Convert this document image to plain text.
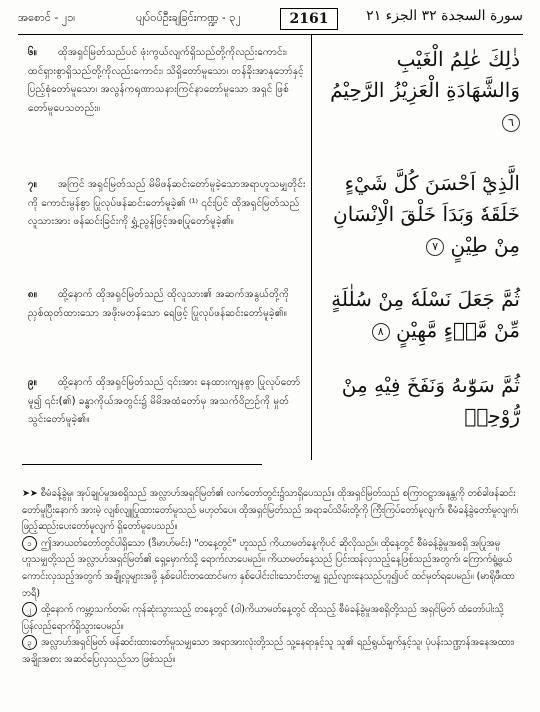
အစောင် - ၂၁၊	ပျပ်ဝပ်ဦးချခြင်းကဏ္ဍ - ၃၂	2161	سورة السجدة ٣٢ الجزء ٢١
၆။ ထိုအရှင်မြတ်သည်ပင် ဖုံးကွယ်လျက်ရှိသည်တို့ကိုလည်းကောင်း၊ ထင်ရှားစွာရှိသည်တို့ကိုလည်းကောင်း၊ သိရှိတော်မူသော၊ တန်ခိုးအာနုဘော်နှင့် ပြည့်စုံတော်မူသော၊ အလွန်ကရုဏာသနားကြင်နာတော်မူသော အရှင် ဖြစ်တော်မူပေသတည်း။
၇။ အကြင် အရှင်မြတ်သည် မိမိဖန်ဆင်းတော်မူခဲ့သောအရာဟူသမျှတိုင်းကို ကောင်းမွန်စွာ ပြုလုပ်ဖန်ဆင်းတော်မူခဲ့၏ ⁽¹⁾ ၎င်းပြင် ထိုအရှင်မြတ်သည် လူသားအား ဖန်ဆင်းခြင်းကို ရွှံ့ညွန်ဖြင့်အစပြုတော်မူခဲ့၏။
၈။ ထို့နောက် ထိုအရှင်မြတ်သည် ထိုလူသား၏ အဆက်အနွယ်တို့ကို ညှစ်ထုတ်ထားသော အဖိုးမတန်သော ရေဖြင့် ပြုလုပ်ဖန်ဆင်းတော်မူခဲ့၏။
၉။ ထို့နောက် ထိုအရှင်မြတ်သည် ၎င်းအား နေထားကျနစွာ ပြုလုပ်တော်မူ၍ ၎င်း(၏) ခန္ဓာကိုယ်အတွင်း၌ မိမိအထံတော်မှ အသက်ဝိဉာဉ်ကို မှုတ်သွင်းတော်မူခဲ့၏။
ذٰلِكَ عٰلِمُ الْغَيْبِ وَالشَّهَادَةِ الْعَزِيْزُ الرَّحِيْمُ ٦
الَّذِيْٓ اَحْسَنَ كُلَّ شَيْءٍ خَلَقَهٗ وَبَدَاَ خَلْقَ الْاِنْسَانِ مِنْ طِيْنٍ ٧
ثُمَّ جَعَلَ نَسْلَهٗ مِنْ سُلٰلَةٍ مِّنْ مَّاۤءٍ مَّهِيْنٍ ٨
ثُمَّ سَوّٰىهُ وَنَفَخَ فِيْهِ مِنْ رُّوْحِهٖ

➤➤ စီမံခန့်ခွဲမှု၊ အုပ်ချုပ်မှုအစရှိသည် အလ္လာဟ်အရှင်မြတ်၏ လက်တော်တွင်း၌သာရှိပေသည်။ ထိုအရှင်မြတ်သည် စကြာဝဠာအနန္တကို တစ်ခါဖန်ဆင်းတော်မူပြီးနောက် အားမဲ့ လျစ်လျူပြုထားတော်မူသည် မဟုတ်ပေ။ ထိုအရှင်မြတ်သည် အရာခပ်သိမ်းတို့ကို ကြီးကြပ်တော်မူလျက်၊ စီမံခန့်ခွဲတော်မူလျက်၊ ဖြည့်ဆည်းပေးတော်မူလျက် ရှိတော်မူပေသည်။

၁ ဤအာယတ်တော်တွင်ပါရှိသော (ဒီမာဟ်မင်း) "တနေ့တွင်" ဟူသည် ကိယာမတ်နေ့ကိုပင် ဆိုလိုသည်။ ထိုနေ့တွင် စီမံခန့်ခွဲမှုအစရှိ အပြုအမူ ဟူသမျှတို့သည် အလ္လာဟ်အရှင်မြတ်၏ ရှေ့မှောက်သို့ ရောက်လာပေမည်။ ကိယာမတ်နေ့သည် ပြင်းထန်လှသည့်နေ့ဖြစ်သည်အတွက်၊ ကြောက်ရွံ့ဖွယ်ကောင်းလှသည့်အတွက် အချို့လူများအဖို့ နှစ်ပေါင်းတထောင်မက နှစ်ပေါင်းငါးသောင်းတမျှ ရှည်လျားနေသည်ဟူ၍ပင် ထင်မှတ်ရပေမည်။ (မာရိုဖီ၊ထာဘရီ)

၂ ထို့နောက် ကမ္ဘာ့သက်တမ်း ကုန်ဆုံးသွားသည့် တနေ့တွင် (ဝါ)ကိယာမတ်နေ့တွင် ထိုသည့် စီမံခန့်ခွဲမှုအစရှိတို့သည် အရှင်မြတ် ထံတော်ပါးသို့ ပြန်လည်ရောက်ရှိသွားပေမည်။

၃ အလ္လာဟ်အရှင်မြတ် ဖန်ဆင်းထားတော်မူသမျှသော အရာအားလုံးတို့သည် သူ့နေရာနှင့်သူ သူ၏ ရည်ရွယ်ချက်နှင့်သူ၊ ပုံပန်းသဏ္ဌာန်အနေအထား၊ အချိုးအစား အဆင်ပြေလှသည်သာ ဖြစ်သည်။
